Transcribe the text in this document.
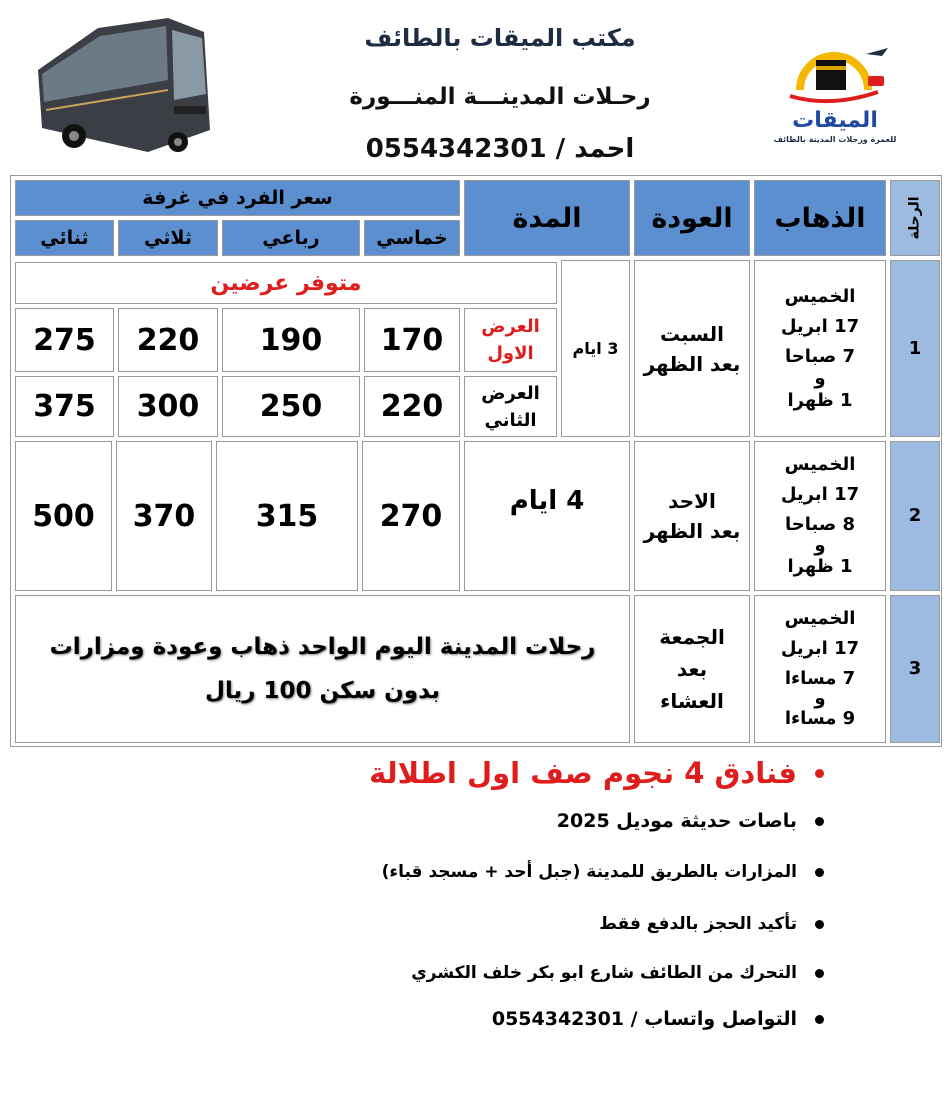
مكتب الميقات بالطائف
رحـلات المدينـــة المنـــورة
احمد / 0554342301
الميقات
للعمرة ورحلات المدينة بالطائف
الرحلة
الذهاب
العودة
المدة
سعر الفرد في غرفة
خماسي
رباعي
ثلاثي
ثنائي
1
الخميس
17 ابريل
7 صباحا
و
1 ظهرا
السبت
بعد الظهر
3 ايام
متوفر عرضين
العرض
الاول
170
190
220
275
العرض
الثاني
220
250
300
375
2
الخميس
17 ابريل
8 صباحا
و
1 ظهرا
الاحد
بعد الظهر
4 ايام
270
315
370
500
3
الخميس
17 ابريل
7 مساءا
و
9 مساءا
الجمعة
بعد
العشاء
رحلات المدينة اليوم الواحد ذهاب وعودة ومزارات
بدون سكن 100 ريال
فنادق 4 نجوم صف اول اطلالة
باصات حديثة موديل 2025
المزارات بالطريق للمدينة (جبل أحد + مسجد قباء)
تأكيد الحجز بالدفع فقط
التحرك من الطائف شارع ابو بكر خلف الكشري
التواصل واتساب / 0554342301
